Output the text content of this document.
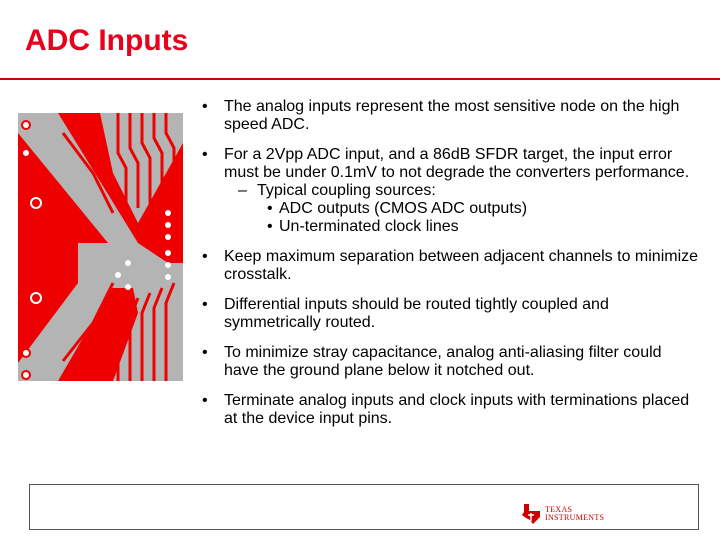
ADC Inputs
• The analog inputs represent the most sensitive node on the high speed ADC.
• For a 2Vpp ADC input, and a 86dB SFDR target, the input error must be under 0.1mV to not degrade the converters performance.
– Typical coupling sources:
• ADC outputs (CMOS ADC outputs)
• Un-terminated clock lines
• Keep maximum separation between adjacent channels to minimize crosstalk.
• Differential inputs should be routed tightly coupled and symmetrically routed.
• To minimize stray capacitance, analog anti-aliasing filter could have the ground plane below it notched out.
• Terminate analog inputs and clock inputs with terminations placed at the device input pins.
TEXAS
INSTRUMENTS
